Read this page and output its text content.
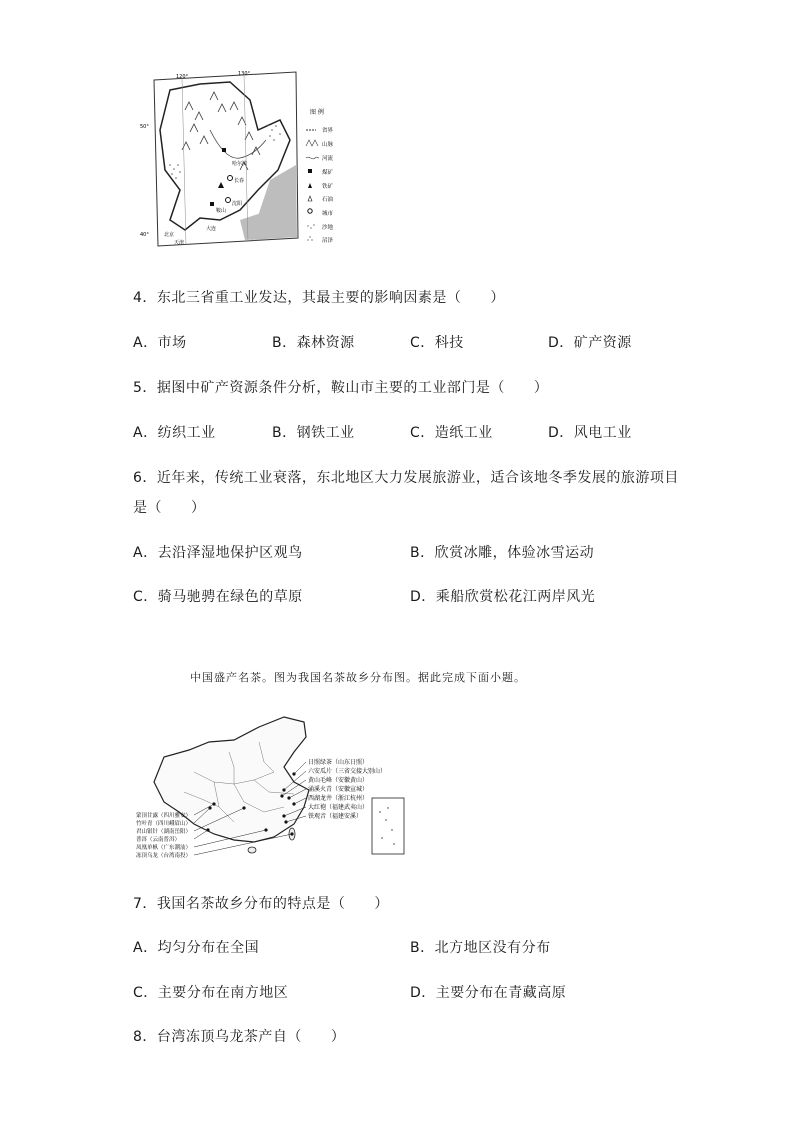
120°	130°
50°
40°
哈尔滨
长春
沈阳
鞍山
大连
北京
天津
图 例
省界
山脉
河流
煤矿
铁矿
石油
城市
沙地
沼泽
4．东北三省重工业发达，其最主要的影响因素是（　　）
A．市场	B．森林资源	C．科技	D．矿产资源
5．据图中矿产资源条件分析，鞍山市主要的工业部门是（　　）
A．纺织工业	B．钢铁工业	C．造纸工业	D．风电工业
6．近年来，传统工业衰落，东北地区大力发展旅游业，适合该地冬季发展的旅游项目
是（　　）
A．去沿泽湿地保护区观鸟	B．欣赏冰雕，体验冰雪运动
C．骑马驰骋在绿色的草原	D．乘船欣赏松花江两岸风光
中国盛产名茶。图为我国名茶故乡分布图。据此完成下面小题。
日照绿茶（山东日照）
六安瓜片（三省交接大别山）
黄山毛峰（安徽黄山）
涌溪火青（安徽宣城）
西湖龙井（浙江杭州）
大红袍（福建武夷山）
铁观音（福建安溪）
蒙顶甘露（四川雅安）
竹叶青（四川峨眉山）
君山银针（湖南岳阳）
普洱（云南普洱）
凤凰单枞（广东潮汕）
冻顶乌龙（台湾南投）
7．我国名茶故乡分布的特点是（　　）
A．均匀分布在全国	B．北方地区没有分布
C．主要分布在南方地区	D．主要分布在青藏高原
8．台湾冻顶乌龙茶产自（　　）
